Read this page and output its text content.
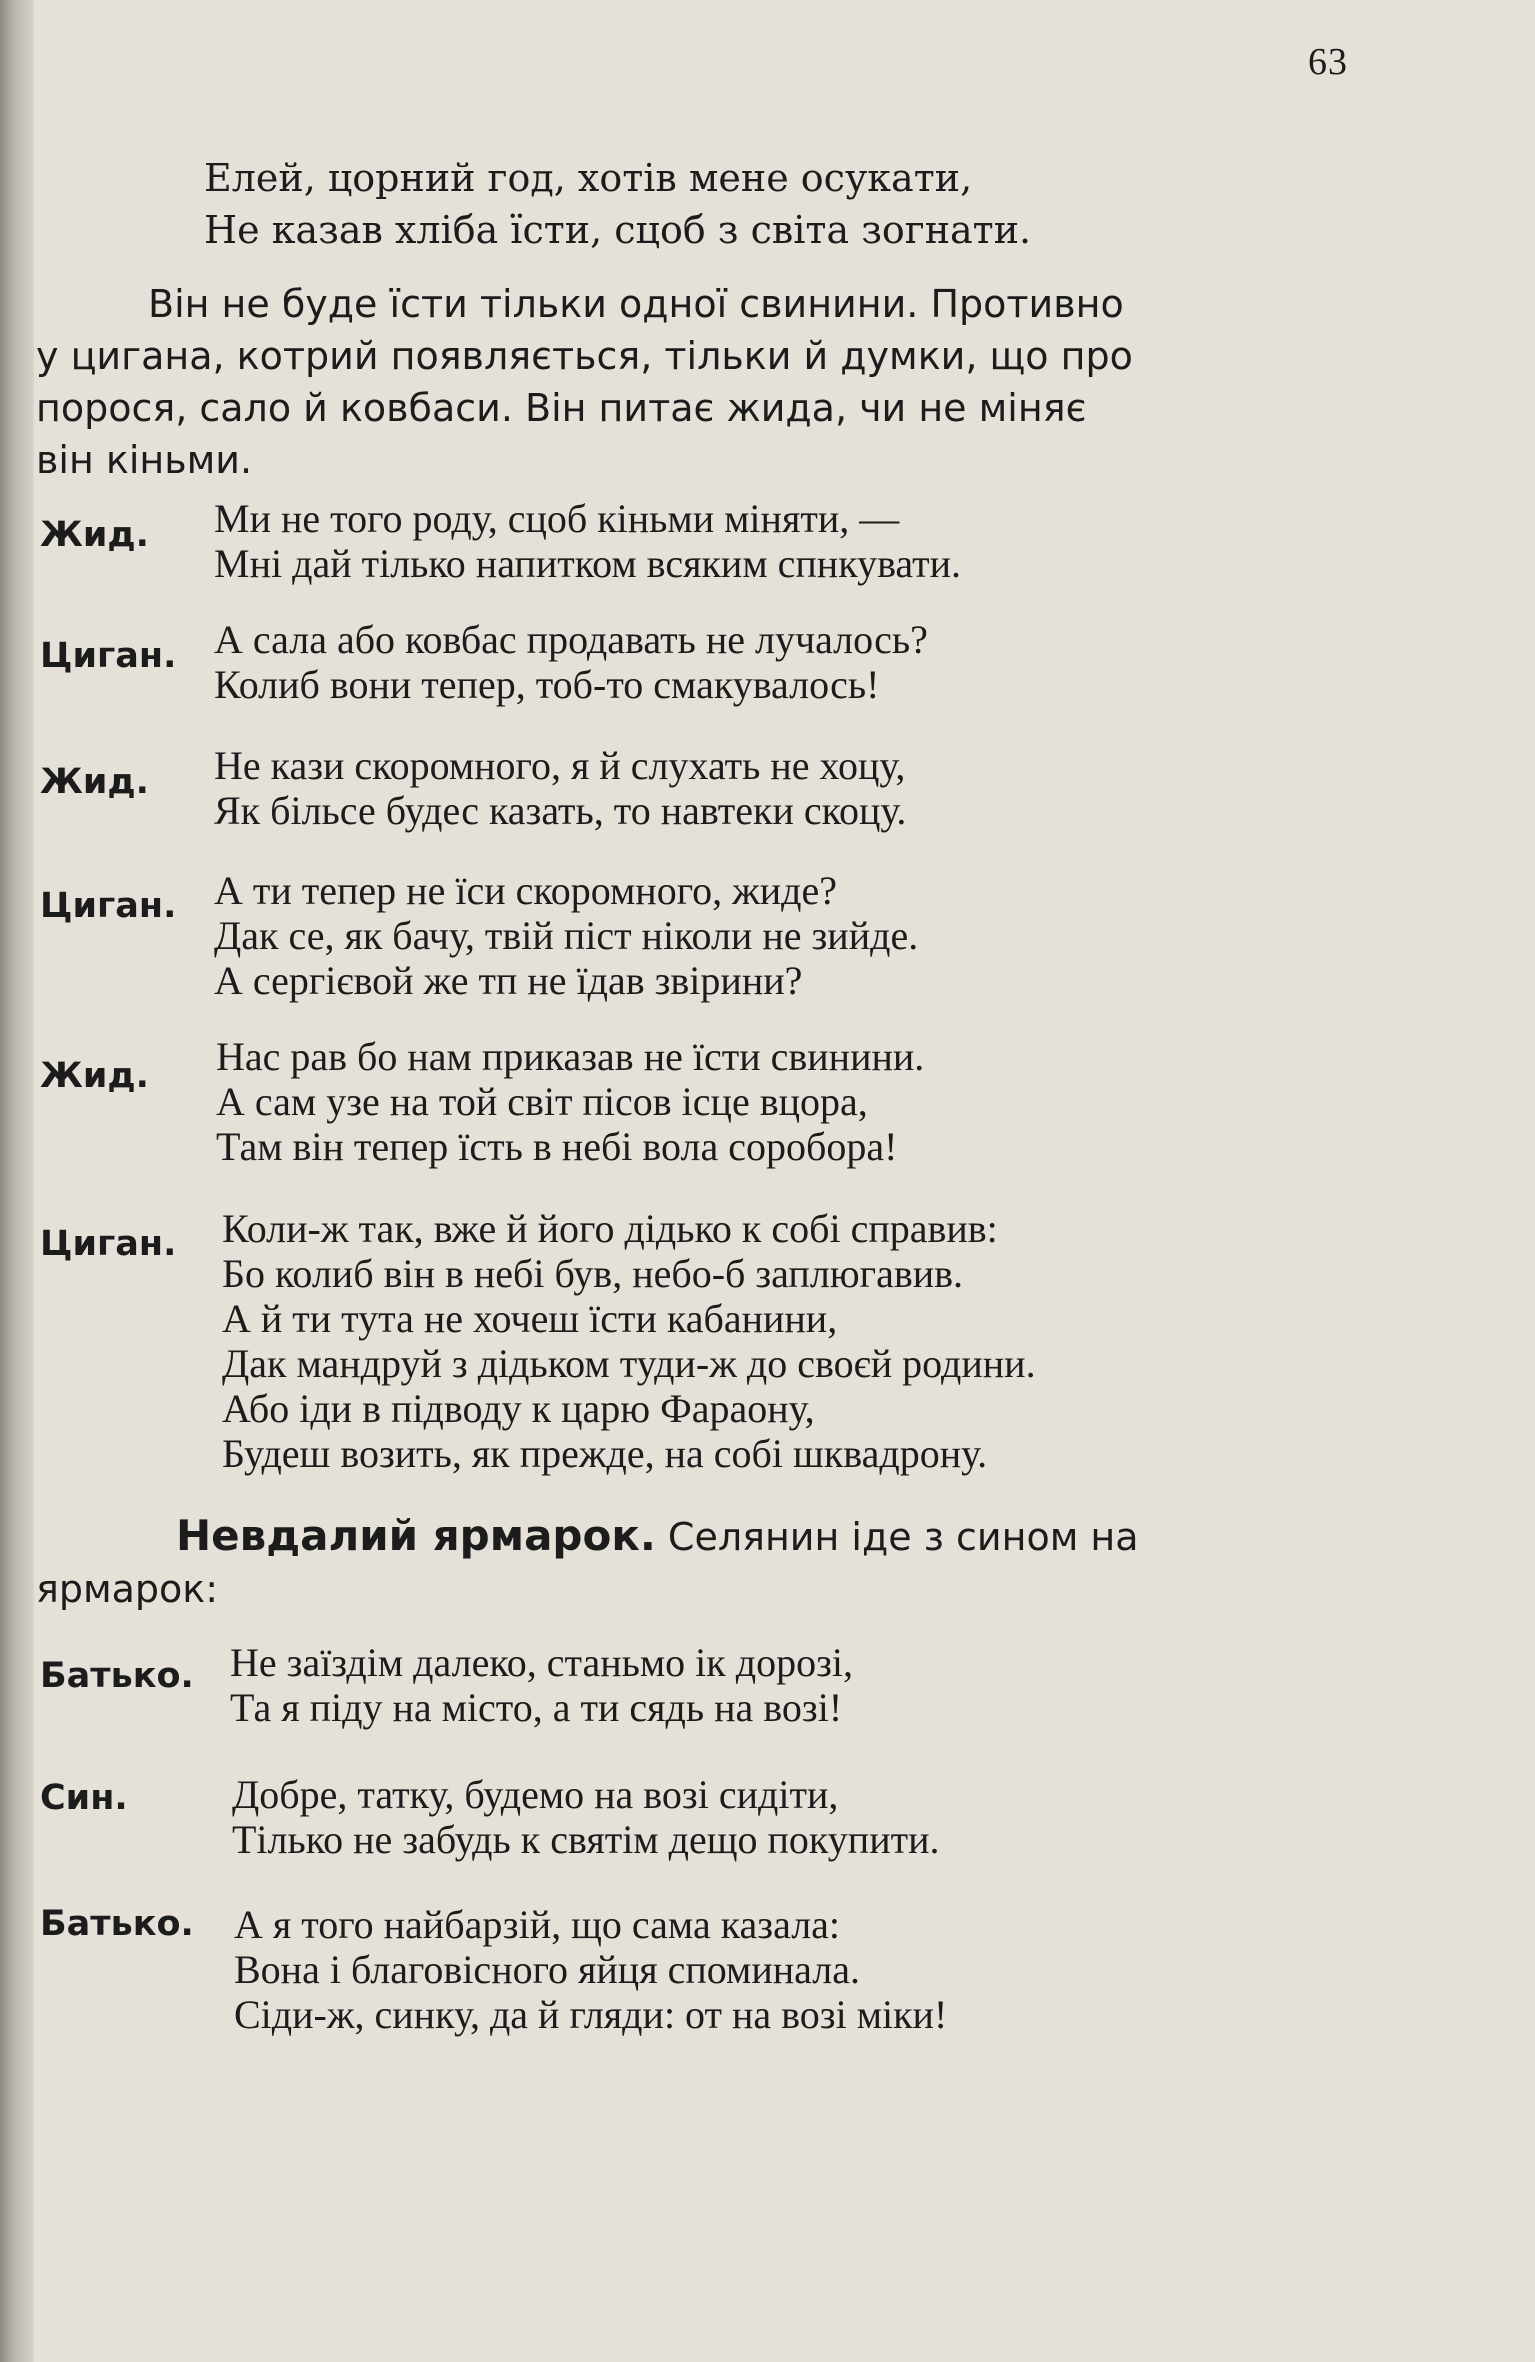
63
Елей, цорний год, хотів мене осукати,
Не казав хліба їсти, сцоб з світа зогнати.
Він не буде їсти тільки одної свинини. Противно
у цигана, котрий появляється, тільки й думки, що про
порося, сало й ковбаси. Він питає жида, чи не міняє
він кіньми.
Жид. Ми не того роду, сцоб кіньми міняти, —
Мні дай тілько напитком всяким спнкувати.
Циган. А сала або ковбас продавать не лучалось?
Колиб вони тепер, тоб-то смакувалось!
Жид. Не кази скоромного, я й слухать не хоцу,
Як більсе будес казать, то навтеки скоцу.
Циган. А ти тепер не їси скоромного, жиде?
Дак се, як бачу, твій піст ніколи не зийде.
А сергієвой же тп не їдав звірини?
Жид. Нас рав бо нам приказав не їсти свинини.
А сам узе на той світ пісов ісце вцора,
Там він тепер їсть в небі вола соробора!
Циган. Коли-ж так, вже й його дідько к собі справив:
Бо колиб він в небі був, небо-б заплюгавив.
А й ти тута не хочеш їсти кабанини,
Дак мандруй з дідьком туди-ж до своєй родини.
Або іди в підводу к царю Фараону,
Будеш возить, як прежде, на собі шквадрону.
Невдалий ярмарок. Селянин іде з сином на
ярмарок:
Батько. Не заїздім далеко, станьмо ік дорозі,
Та я піду на місто, а ти сядь на возі!
Син.	Добре, татку, будемо на возі сидіти,
Тілько не забудь к святім дещо покупити.
Батько. А я того найбарзій, що сама казала:
Вона і благовісного яйця споминала.
Сіди-ж, синку, да й гляди: от на возі міки!
